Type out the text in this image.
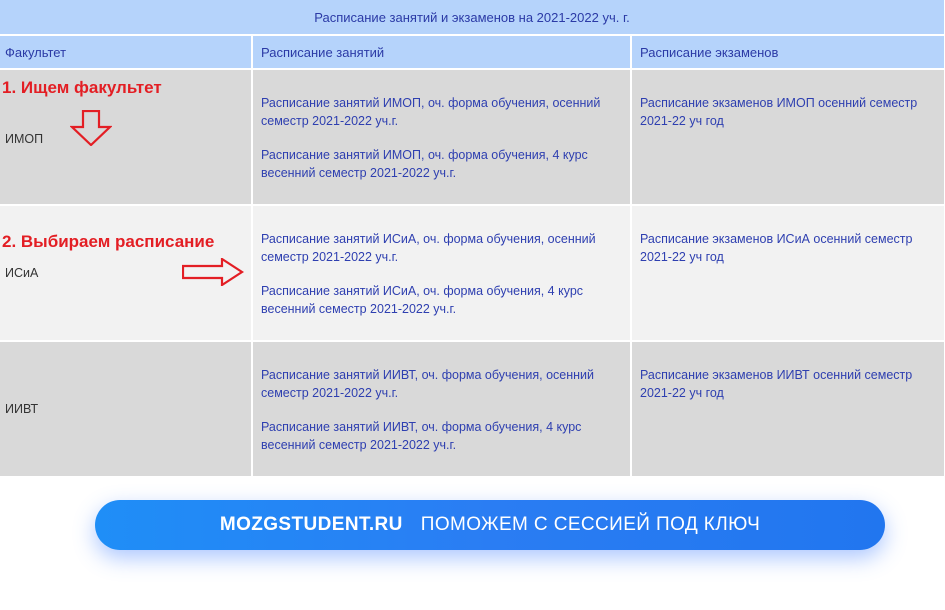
Расписание занятий и экзаменов на 2021-2022 уч. г.
Факультет	Расписание занятий	Расписание экзаменов
1. Ищем факультет
ИМОП
Расписание занятий ИМОП, оч. форма обучения, осенний семестр 2021-2022 уч.г.
Расписание занятий ИМОП, оч. форма обучения, 4 курс весенний семестр 2021-2022 уч.г.
Расписание экзаменов ИМОП осенний семестр 2021-22 уч год
2. Выбираем расписание
ИСиА
Расписание занятий ИСиА, оч. форма обучения, осенний семестр 2021-2022 уч.г.
Расписание занятий ИСиА, оч. форма обучения, 4 курс весенний семестр 2021-2022 уч.г.
Расписание экзаменов ИСиА осенний семестр 2021-22 уч год
ИИВТ
Расписание занятий ИИВТ, оч. форма обучения, осенний семестр 2021-2022 уч.г.
Расписание занятий ИИВТ, оч. форма обучения, 4 курс весенний семестр 2021-2022 уч.г.
Расписание экзаменов ИИВТ осенний семестр 2021-22 уч год
MOZGSTUDENT.RU ПОМОЖЕМ С СЕССИЕЙ ПОД КЛЮЧ
